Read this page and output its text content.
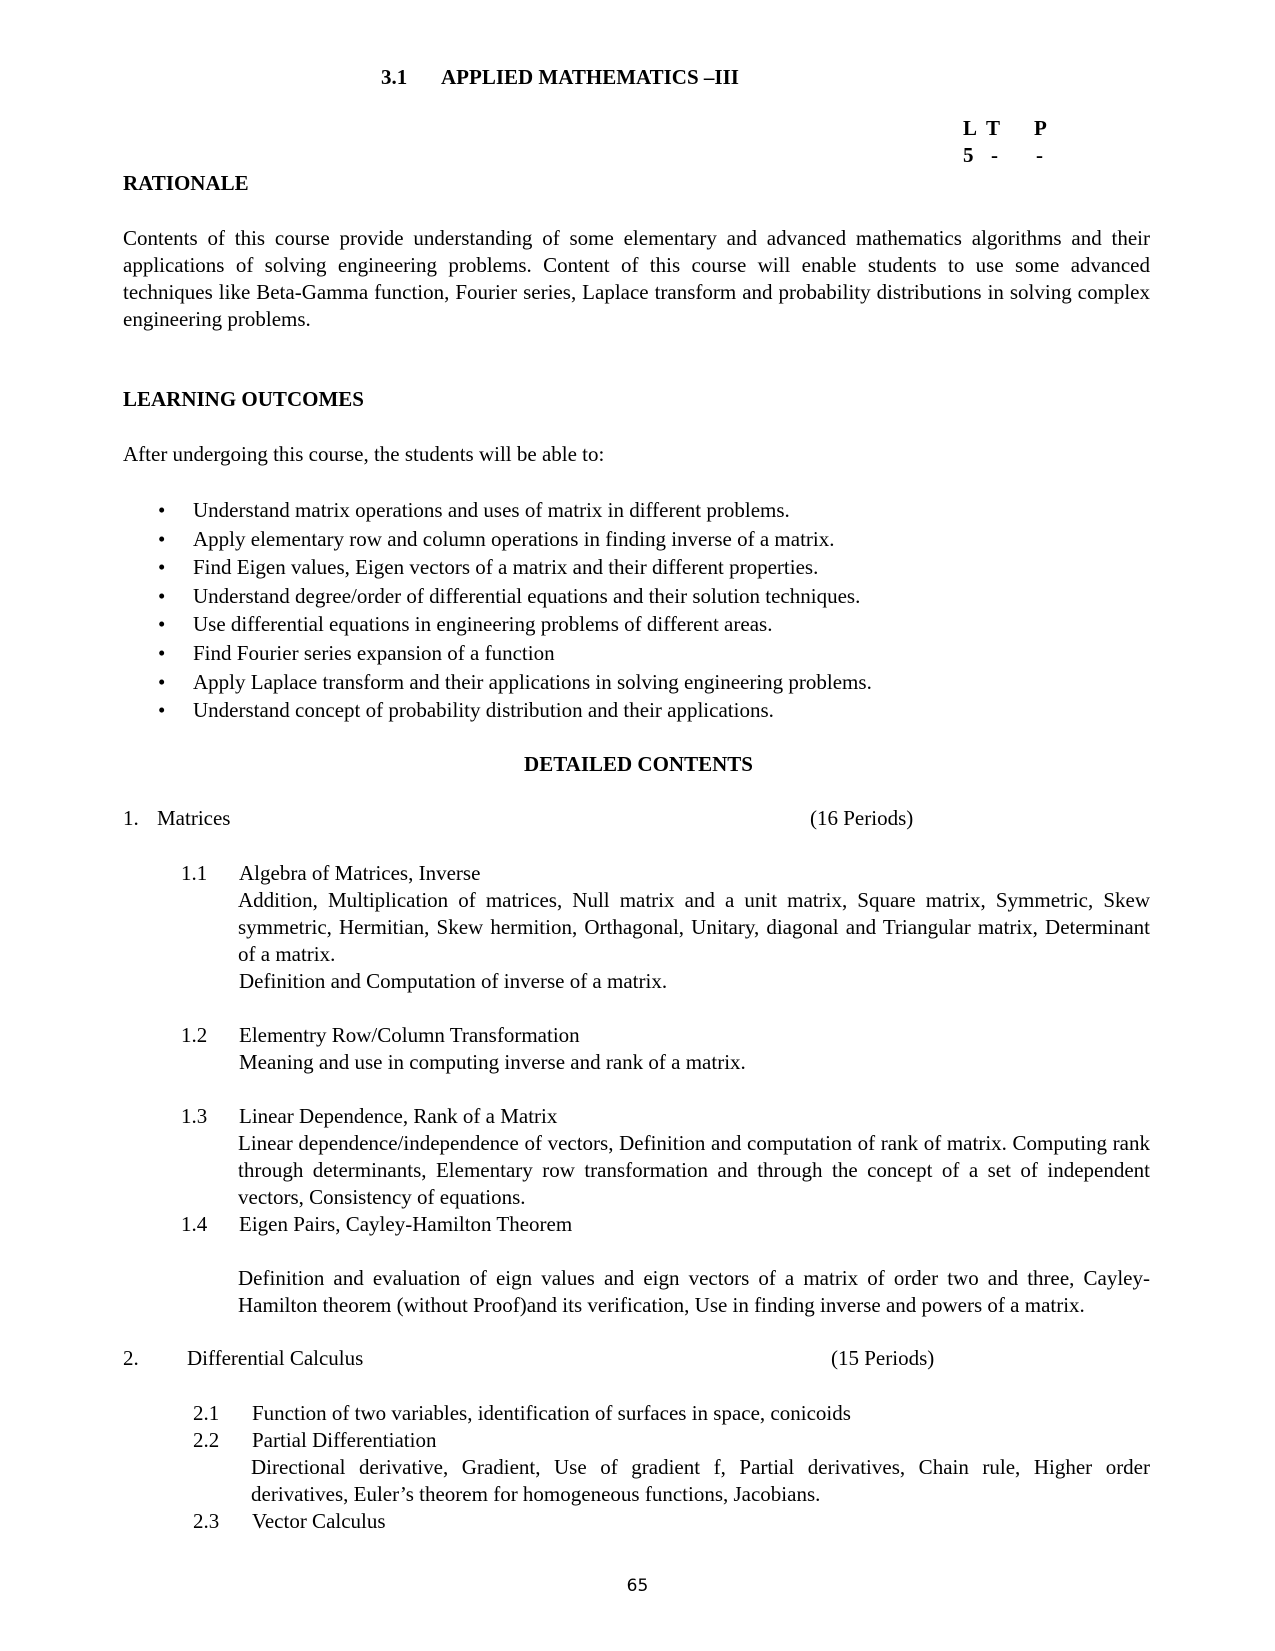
3.1 APPLIED MATHEMATICS –III
L T P
5 - -
RATIONALE
Contents of this course provide understanding of some elementary and advanced mathematics algorithms and their applications of solving engineering problems. Content of this course will enable students to use some advanced techniques like Beta-Gamma function, Fourier series, Laplace transform and probability distributions in solving complex engineering problems.
LEARNING OUTCOMES
After undergoing this course, the students will be able to:
• Understand matrix operations and uses of matrix in different problems.
• Apply elementary row and column operations in finding inverse of a matrix.
• Find Eigen values, Eigen vectors of a matrix and their different properties.
• Understand degree/order of differential equations and their solution techniques.
• Use differential equations in engineering problems of different areas.
• Find Fourier series expansion of a function
• Apply Laplace transform and their applications in solving engineering problems.
• Understand concept of probability distribution and their applications.
DETAILED CONTENTS
1. Matrices	(16 Periods)
1.1 Algebra of Matrices, Inverse
Addition, Multiplication of matrices, Null matrix and a unit matrix, Square matrix, Symmetric, Skew symmetric, Hermitian, Skew hermition, Orthagonal, Unitary, diagonal and Triangular matrix, Determinant of a matrix.
Definition and Computation of inverse of a matrix.
1.2 Elementry Row/Column Transformation
Meaning and use in computing inverse and rank of a matrix.
1.3 Linear Dependence, Rank of a Matrix
Linear dependence/independence of vectors, Definition and computation of rank of matrix. Computing rank through determinants, Elementary row transformation and through the concept of a set of independent vectors, Consistency of equations.
1.4 Eigen Pairs, Cayley-Hamilton Theorem
Definition and evaluation of eign values and eign vectors of a matrix of order two and three, Cayley-Hamilton theorem (without Proof)and its verification, Use in finding inverse and powers of a matrix.
2. Differential Calculus	(15 Periods)
2.1 Function of two variables, identification of surfaces in space, conicoids
2.2 Partial Differentiation
Directional derivative, Gradient, Use of gradient f, Partial derivatives, Chain rule, Higher order derivatives, Euler’s theorem for homogeneous functions, Jacobians.
2.3 Vector Calculus
65
